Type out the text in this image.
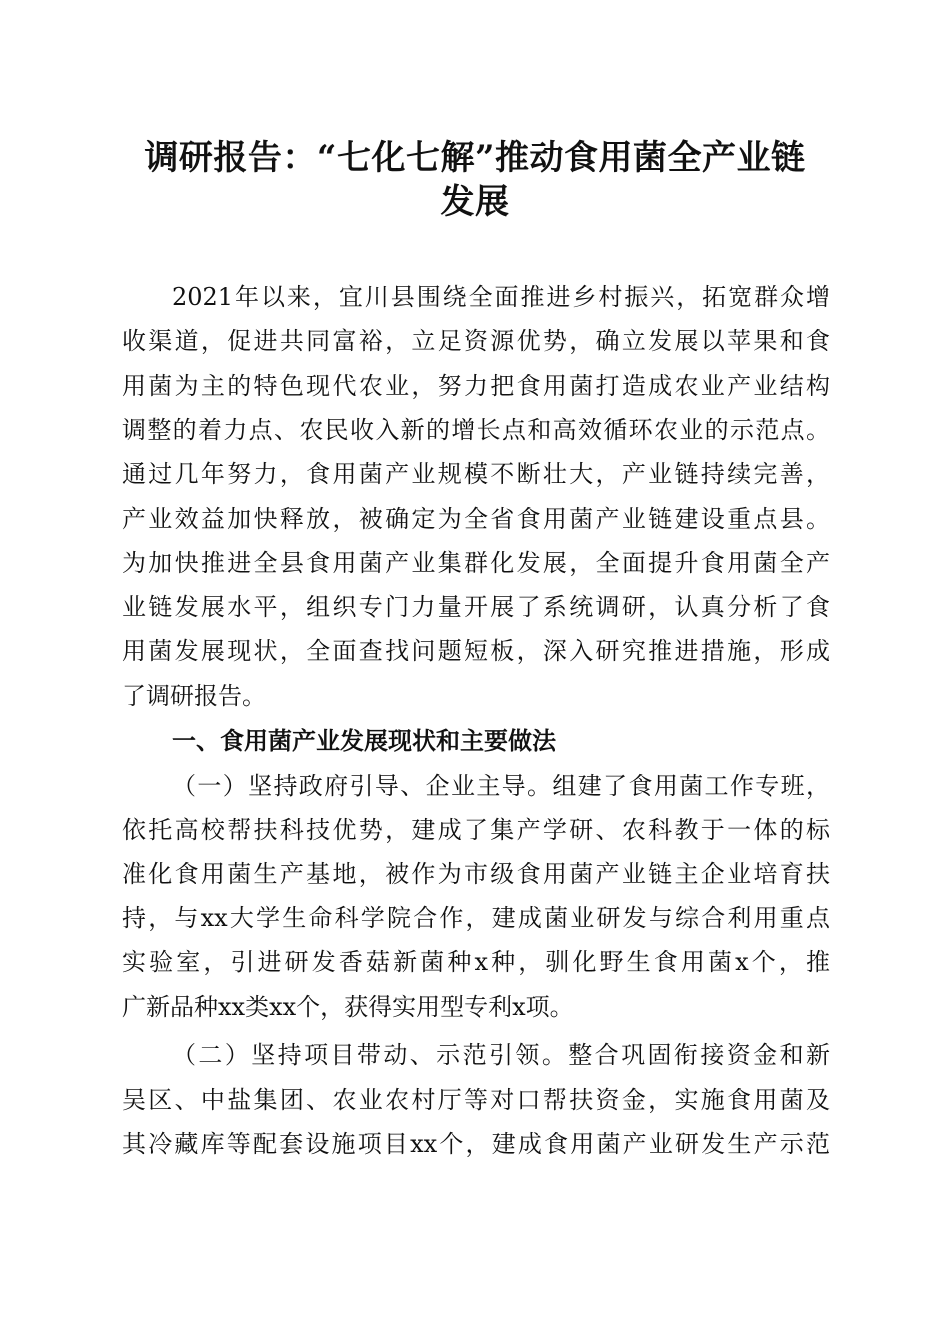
调研报告：“七化七解”推动食用菌全产业链
发展
2021年以来，宜川县围绕全面推进乡村振兴，拓宽群众增
收渠道，促进共同富裕，立足资源优势，确立发展以苹果和食
用菌为主的特色现代农业，努力把食用菌打造成农业产业结构
调整的着力点、农民收入新的增长点和高效循环农业的示范点。
通过几年努力，食用菌产业规模不断壮大，产业链持续完善，
产业效益加快释放，被确定为全省食用菌产业链建设重点县。
为加快推进全县食用菌产业集群化发展，全面提升食用菌全产
业链发展水平，组织专门力量开展了系统调研，认真分析了食
用菌发展现状，全面查找问题短板，深入研究推进措施，形成
了调研报告。
一、食用菌产业发展现状和主要做法
（一）坚持政府引导、企业主导。组建了食用菌工作专班，
依托高校帮扶科技优势，建成了集产学研、农科教于一体的标
准化食用菌生产基地，被作为市级食用菌产业链主企业培育扶
持，与xx大学生命科学院合作，建成菌业研发与综合利用重点
实验室，引进研发香菇新菌种x种，驯化野生食用菌x个，推
广新品种xx类xx个，获得实用型专利x项。
（二）坚持项目带动、示范引领。整合巩固衔接资金和新
吴区、中盐集团、农业农村厅等对口帮扶资金，实施食用菌及
其冷藏库等配套设施项目xx个，建成食用菌产业研发生产示范
